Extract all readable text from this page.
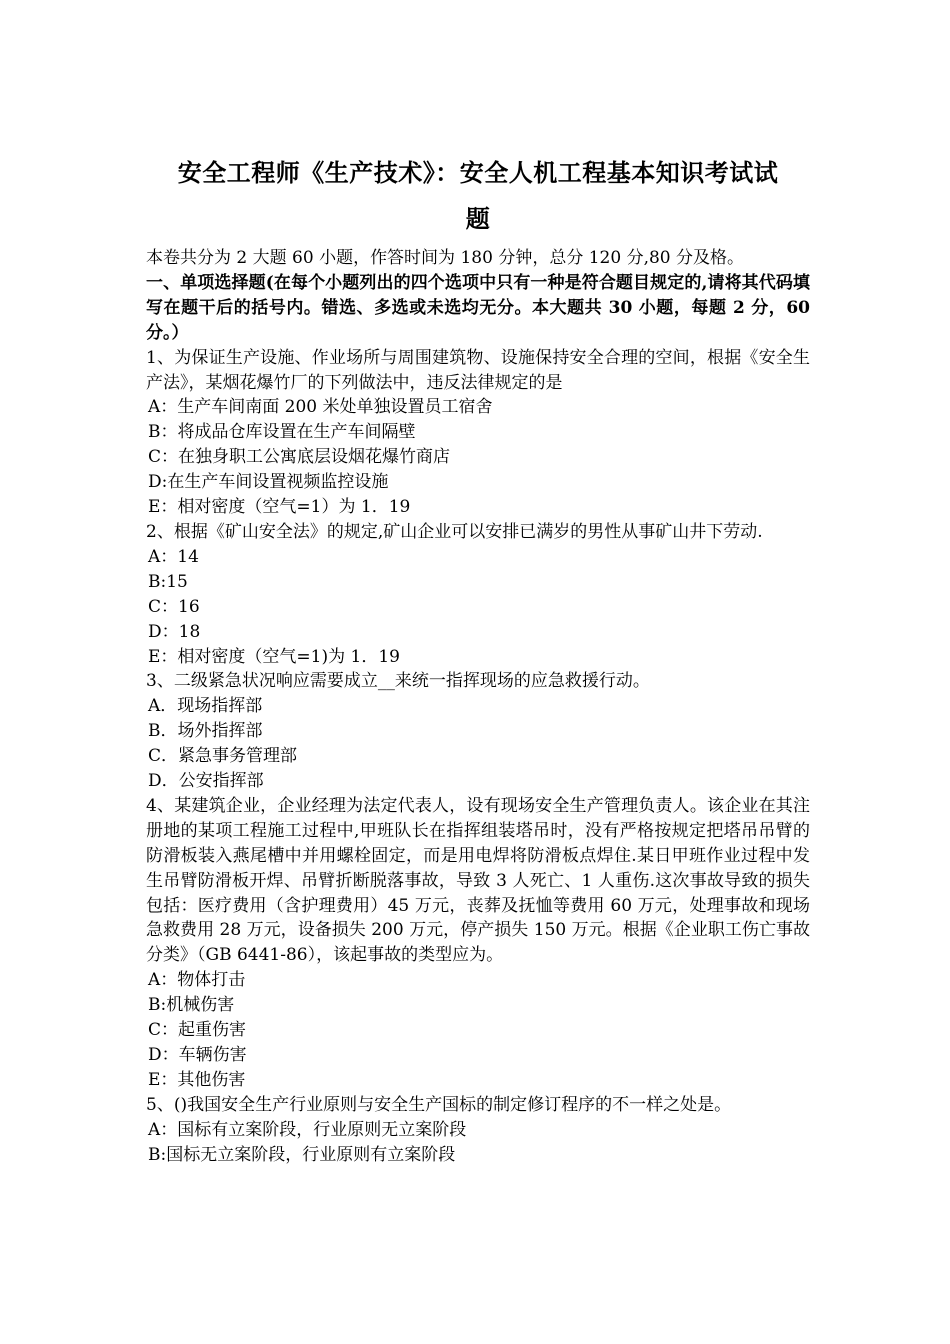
安全工程师《生产技术》：安全人机工程基本知识考试试
题
本卷共分为 2 大题 60 小题，作答时间为 180 分钟，总分 120 分,80 分及格。
一、单项选择题(在每个小题列出的四个选项中只有一种是符合题目规定的,请将其代码填写在题干后的括号内。错选、多选或未选均无分。本大题共 30 小题，每题 2 分，60 分。）
1、为保证生产设施、作业场所与周围建筑物、设施保持安全合理的空间，根据《安全生产法》，某烟花爆竹厂的下列做法中，违反法律规定的是
A：生产车间南面 200 米处单独设置员工宿舍
B：将成品仓库设置在生产车间隔壁
C：在独身职工公寓底层设烟花爆竹商店
D:在生产车间设置视频监控设施
E：相对密度（空气=1）为 1．19
2、根据《矿山安全法》的规定,矿山企业可以安排已满岁的男性从事矿山井下劳动.
A：14
B:15
C：16
D：18
E：相对密度（空气=1)为 1．19
3、二级紧急状况响应需要成立__来统一指挥现场的应急救援行动。
A．现场指挥部
B．场外指挥部
C．紧急事务管理部
D．公安指挥部
4、某建筑企业，企业经理为法定代表人，设有现场安全生产管理负责人。该企业在其注册地的某项工程施工过程中,甲班队长在指挥组装塔吊时，没有严格按规定把塔吊吊臂的防滑板装入燕尾槽中并用螺栓固定，而是用电焊将防滑板点焊住.某日甲班作业过程中发生吊臂防滑板开焊、吊臂折断脱落事故，导致 3 人死亡、1 人重伤.这次事故导致的损失包括：医疗费用（含护理费用）45 万元，丧葬及抚恤等费用 60 万元，处理事故和现场急救费用 28 万元，设备损失 200 万元，停产损失 150 万元。根据《企业职工伤亡事故分类》（GB 6441-86），该起事故的类型应为。
A：物体打击
B:机械伤害
C：起重伤害
D：车辆伤害
E：其他伤害
5、()我国安全生产行业原则与安全生产国标的制定修订程序的不一样之处是。
A：国标有立案阶段，行业原则无立案阶段
B:国标无立案阶段，行业原则有立案阶段
